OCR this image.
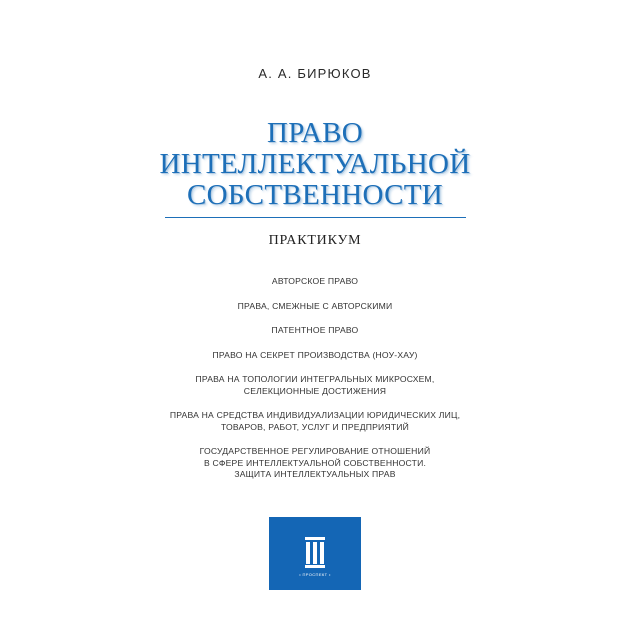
А. А. БИРЮКОВ
ПРАВО
ИНТЕЛЛЕКТУАЛЬНОЙ
СОБСТВЕННОСТИ
ПРАКТИКУМ
АВТОРСКОЕ ПРАВО
ПРАВА, СМЕЖНЫЕ С АВТОРСКИМИ
ПАТЕНТНОЕ ПРАВО
ПРАВО НА СЕКРЕТ ПРОИЗВОДСТВА (НОУ-ХАУ)
ПРАВА НА ТОПОЛОГИИ ИНТЕГРАЛЬНЫХ МИКРОСХЕМ,
СЕЛЕКЦИОННЫЕ ДОСТИЖЕНИЯ
ПРАВА НА СРЕДСТВА ИНДИВИДУАЛИЗАЦИИ ЮРИДИЧЕСКИХ ЛИЦ,
ТОВАРОВ, РАБОТ, УСЛУГ И ПРЕДПРИЯТИЙ
ГОСУДАРСТВЕННОЕ РЕГУЛИРОВАНИЕ ОТНОШЕНИЙ
В СФЕРЕ ИНТЕЛЛЕКТУАЛЬНОЙ СОБСТВЕННОСТИ.
ЗАЩИТА ИНТЕЛЛЕКТУАЛЬНЫХ ПРАВ
• ПРОСПЕКТ •
